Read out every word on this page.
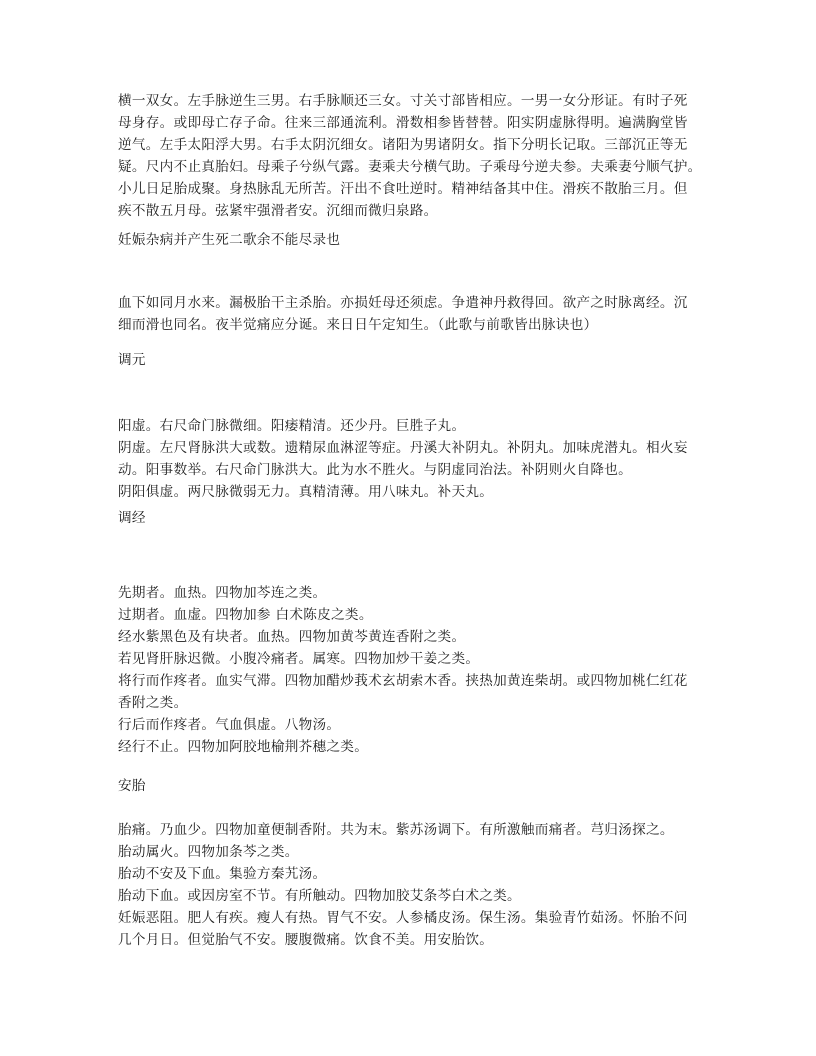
横一双女。左手脉逆生三男。右手脉顺还三女。寸关寸部皆相应。一男一女分形证。有时子死
母身存。或即母亡存子命。往来三部通流利。滑数相参皆替替。阳实阴虚脉得明。遍满胸堂皆
逆气。左手太阳浮大男。右手太阴沉细女。诸阳为男诸阴女。指下分明长记取。三部沉正等无
疑。尺内不止真胎妇。母乘子兮纵气露。妻乘夫兮横气助。子乘母兮逆夫参。夫乘妻兮顺气护。
小儿日足胎成聚。身热脉乱无所苦。汗出不食吐逆时。精神结备其中住。滑疾不散胎三月。但
疾不散五月母。弦紧牢强滑者安。沉细而微归泉路。
妊娠杂病并产生死二歌余不能尽录也
血下如同月水来。漏极胎干主杀胎。亦损妊母还须虑。争遣神丹救得回。欲产之时脉离经。沉
细而滑也同名。夜半觉痛应分诞。来日日午定知生。（此歌与前歌皆出脉诀也）
调元
阳虚。右尺命门脉微细。阳痿精清。还少丹。巨胜子丸。
阴虚。左尺肾脉洪大或数。遗精尿血淋涩等症。丹溪大补阴丸。补阴丸。加味虎潜丸。相火妄
动。阳事数举。右尺命门脉洪大。此为水不胜火。与阴虚同治法。补阴则火自降也。
阴阳俱虚。两尺脉微弱无力。真精清薄。用八味丸。补天丸。
调经
先期者。血热。四物加芩连之类。
过期者。血虚。四物加参 白术陈皮之类。
经水紫黑色及有块者。血热。四物加黄芩黄连香附之类。
若见肾肝脉迟微。小腹冷痛者。属寒。四物加炒干姜之类。
将行而作疼者。血实气滞。四物加醋炒莪术玄胡索木香。挟热加黄连柴胡。或四物加桃仁红花
香附之类。
行后而作疼者。气血俱虚。八物汤。
经行不止。四物加阿胶地榆荆芥穗之类。
安胎
胎痛。乃血少。四物加童便制香附。共为末。紫苏汤调下。有所激触而痛者。芎归汤探之。
胎动属火。四物加条芩之类。
胎动不安及下血。集验方秦艽汤。
胎动下血。或因房室不节。有所触动。四物加胶艾条芩白术之类。
妊娠恶阻。肥人有疾。瘦人有热。胃气不安。人参橘皮汤。保生汤。集验青竹茹汤。怀胎不问
几个月日。但觉胎气不安。腰腹微痛。饮食不美。用安胎饮。
